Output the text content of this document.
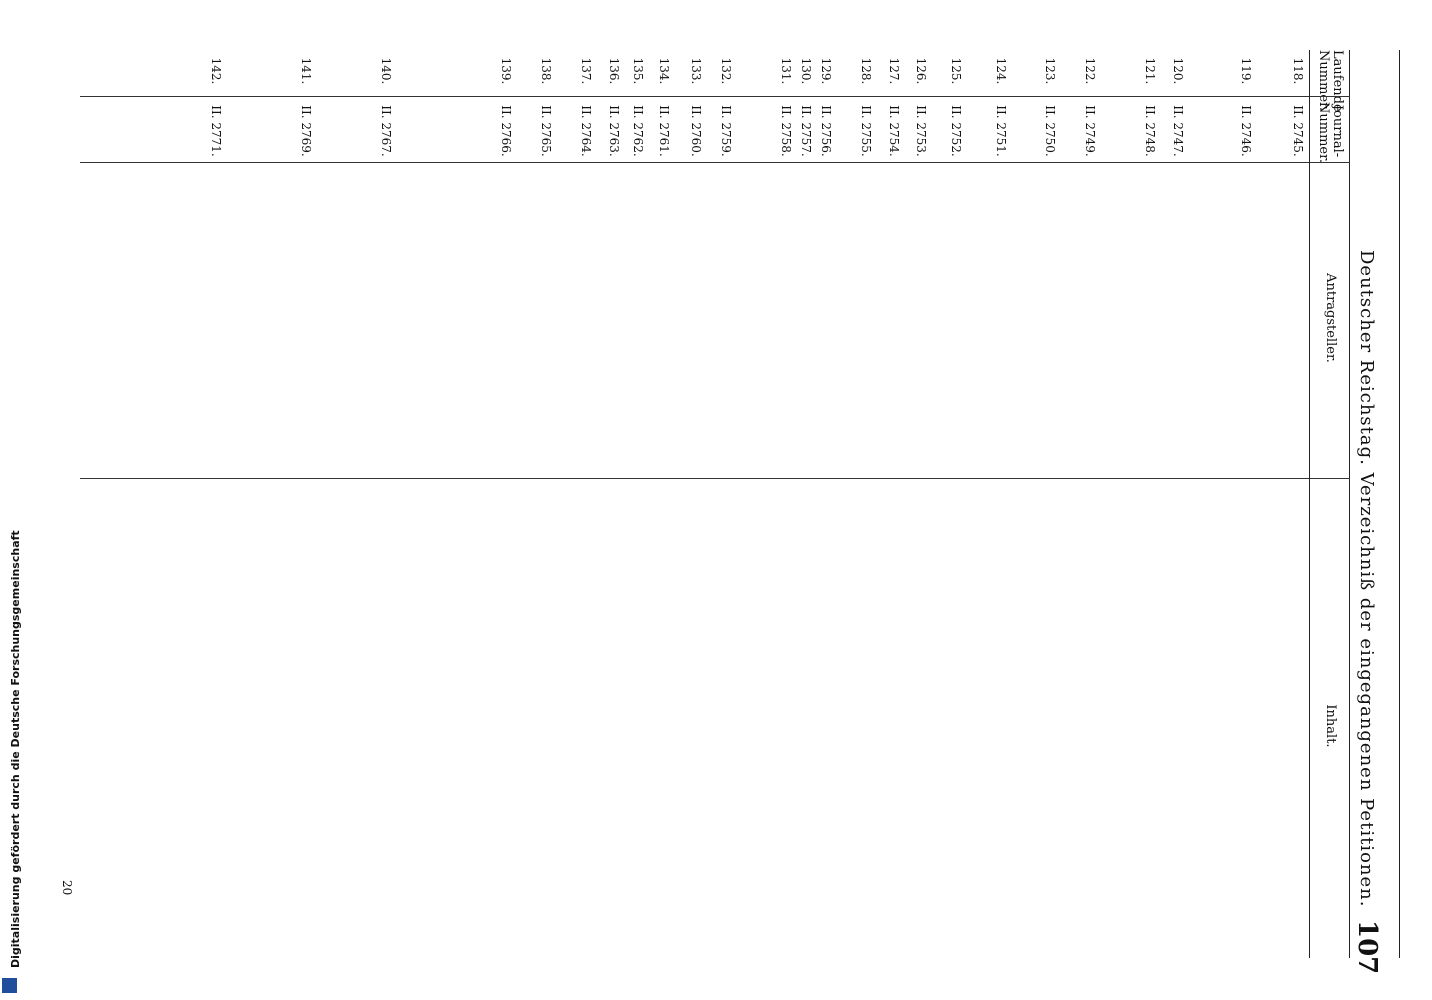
Deutscher Reichstag. Verzeichniß der eingegangenen Petitionen.
107
Laufende
Nummer.
Journal-
Nummer.
Antragsteller.
Inhalt.
118.
II. 2745.
119.
II. 2746.
120.
II. 2747.
121.
II. 2748.
122.
II. 2749.
123.
II. 2750.
124.
II. 2751.
125.
II. 2752.
126.
II. 2753.
127.
II. 2754.
128.
II. 2755.
129.
II. 2756.
130.
II. 2757.
131.
II. 2758.
132.
II. 2759.
133.
II. 2760.
134.
II. 2761.
135.
II. 2762.
136.
II. 2763.
137.
II. 2764.
138.
II. 2765.
139.
II. 2766.
140.
II. 2767.
141.
II. 2769.
142.
II. 2771.
20
Digitalisierung gefördert durch die Deutsche Forschungsgemeinschaft
